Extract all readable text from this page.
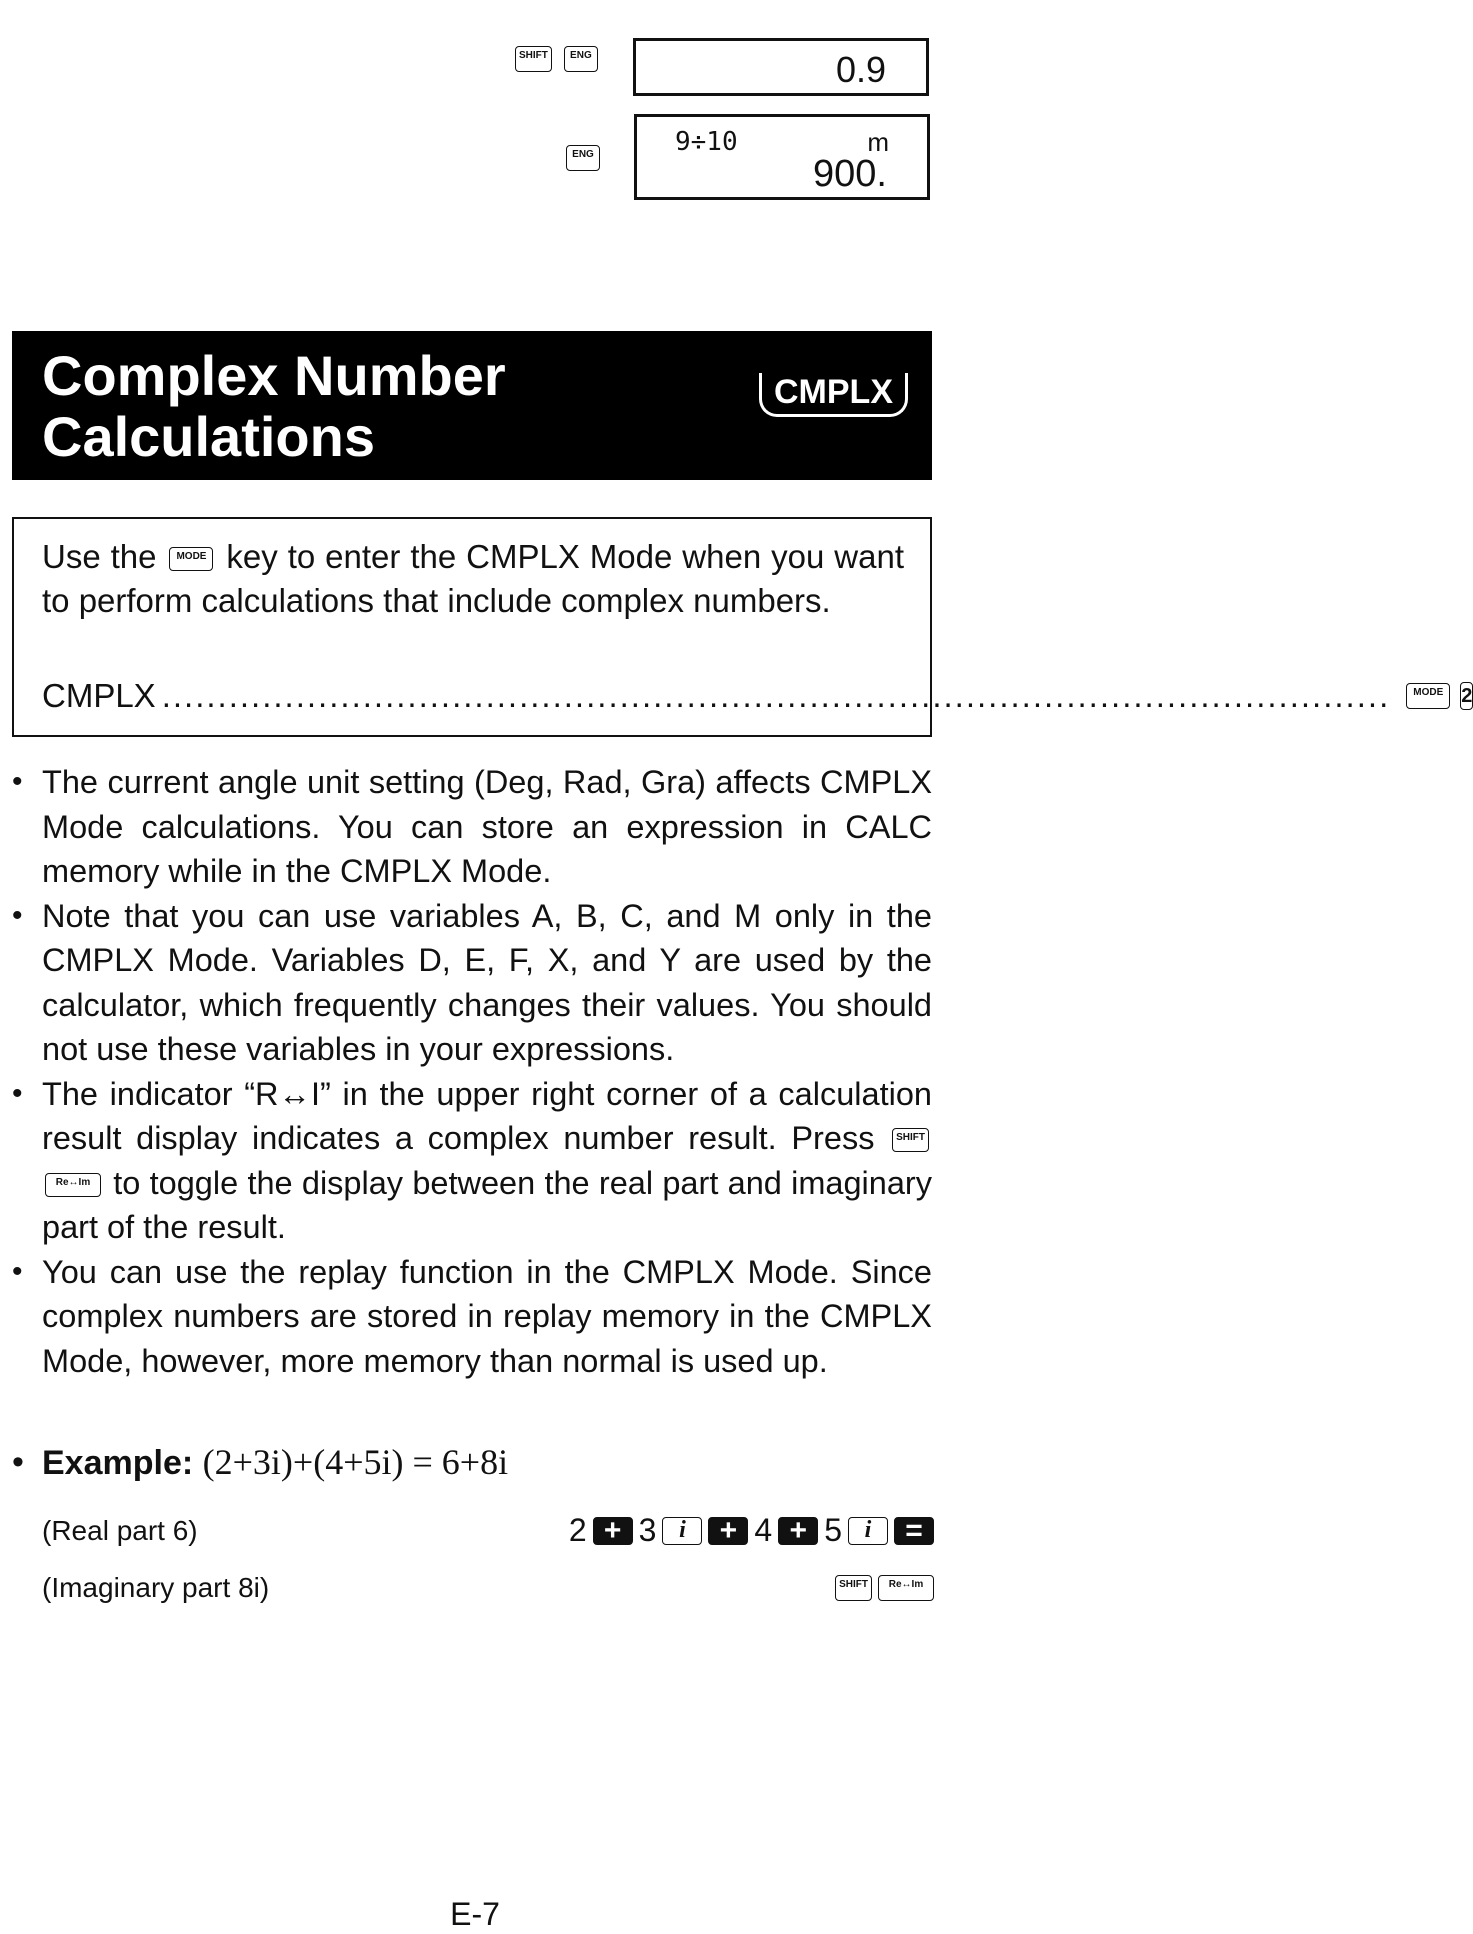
SHIFT	ENG	0.9
ENG	9÷10	m
900.
Complex Number
Calculations
CMPLX

Use the MODE key to enter the CMPLX Mode when you want to perform calculations that include complex numbers.

CMPLX ..............................................................................................................	MODE 2
• The current angle unit setting (Deg, Rad, Gra) affects CMPLX Mode calculations. You can store an expression in CALC memory while in the CMPLX Mode.
• Note that you can use variables A, B, C, and M only in the CMPLX Mode. Variables D, E, F, X, and Y are used by the calculator, which frequently changes their values. You should not use these variables in your expressions.
• The indicator “R↔I” in the upper right corner of a calculation result display indicates a complex number result. Press SHIFT Re↔Im to toggle the display between the real part and imaginary part of the result.
• You can use the replay function in the CMPLX Mode. Since complex numbers are stored in replay memory in the CMPLX Mode, however, more memory than normal is used up.
• Example: (2+3i)+(4+5i) = 6+8i
(Real part 6)	2 + 3 i	+ 4 + 5 i	=
(Imaginary part 8i)	SHIFT	Re↔Im
E-7
